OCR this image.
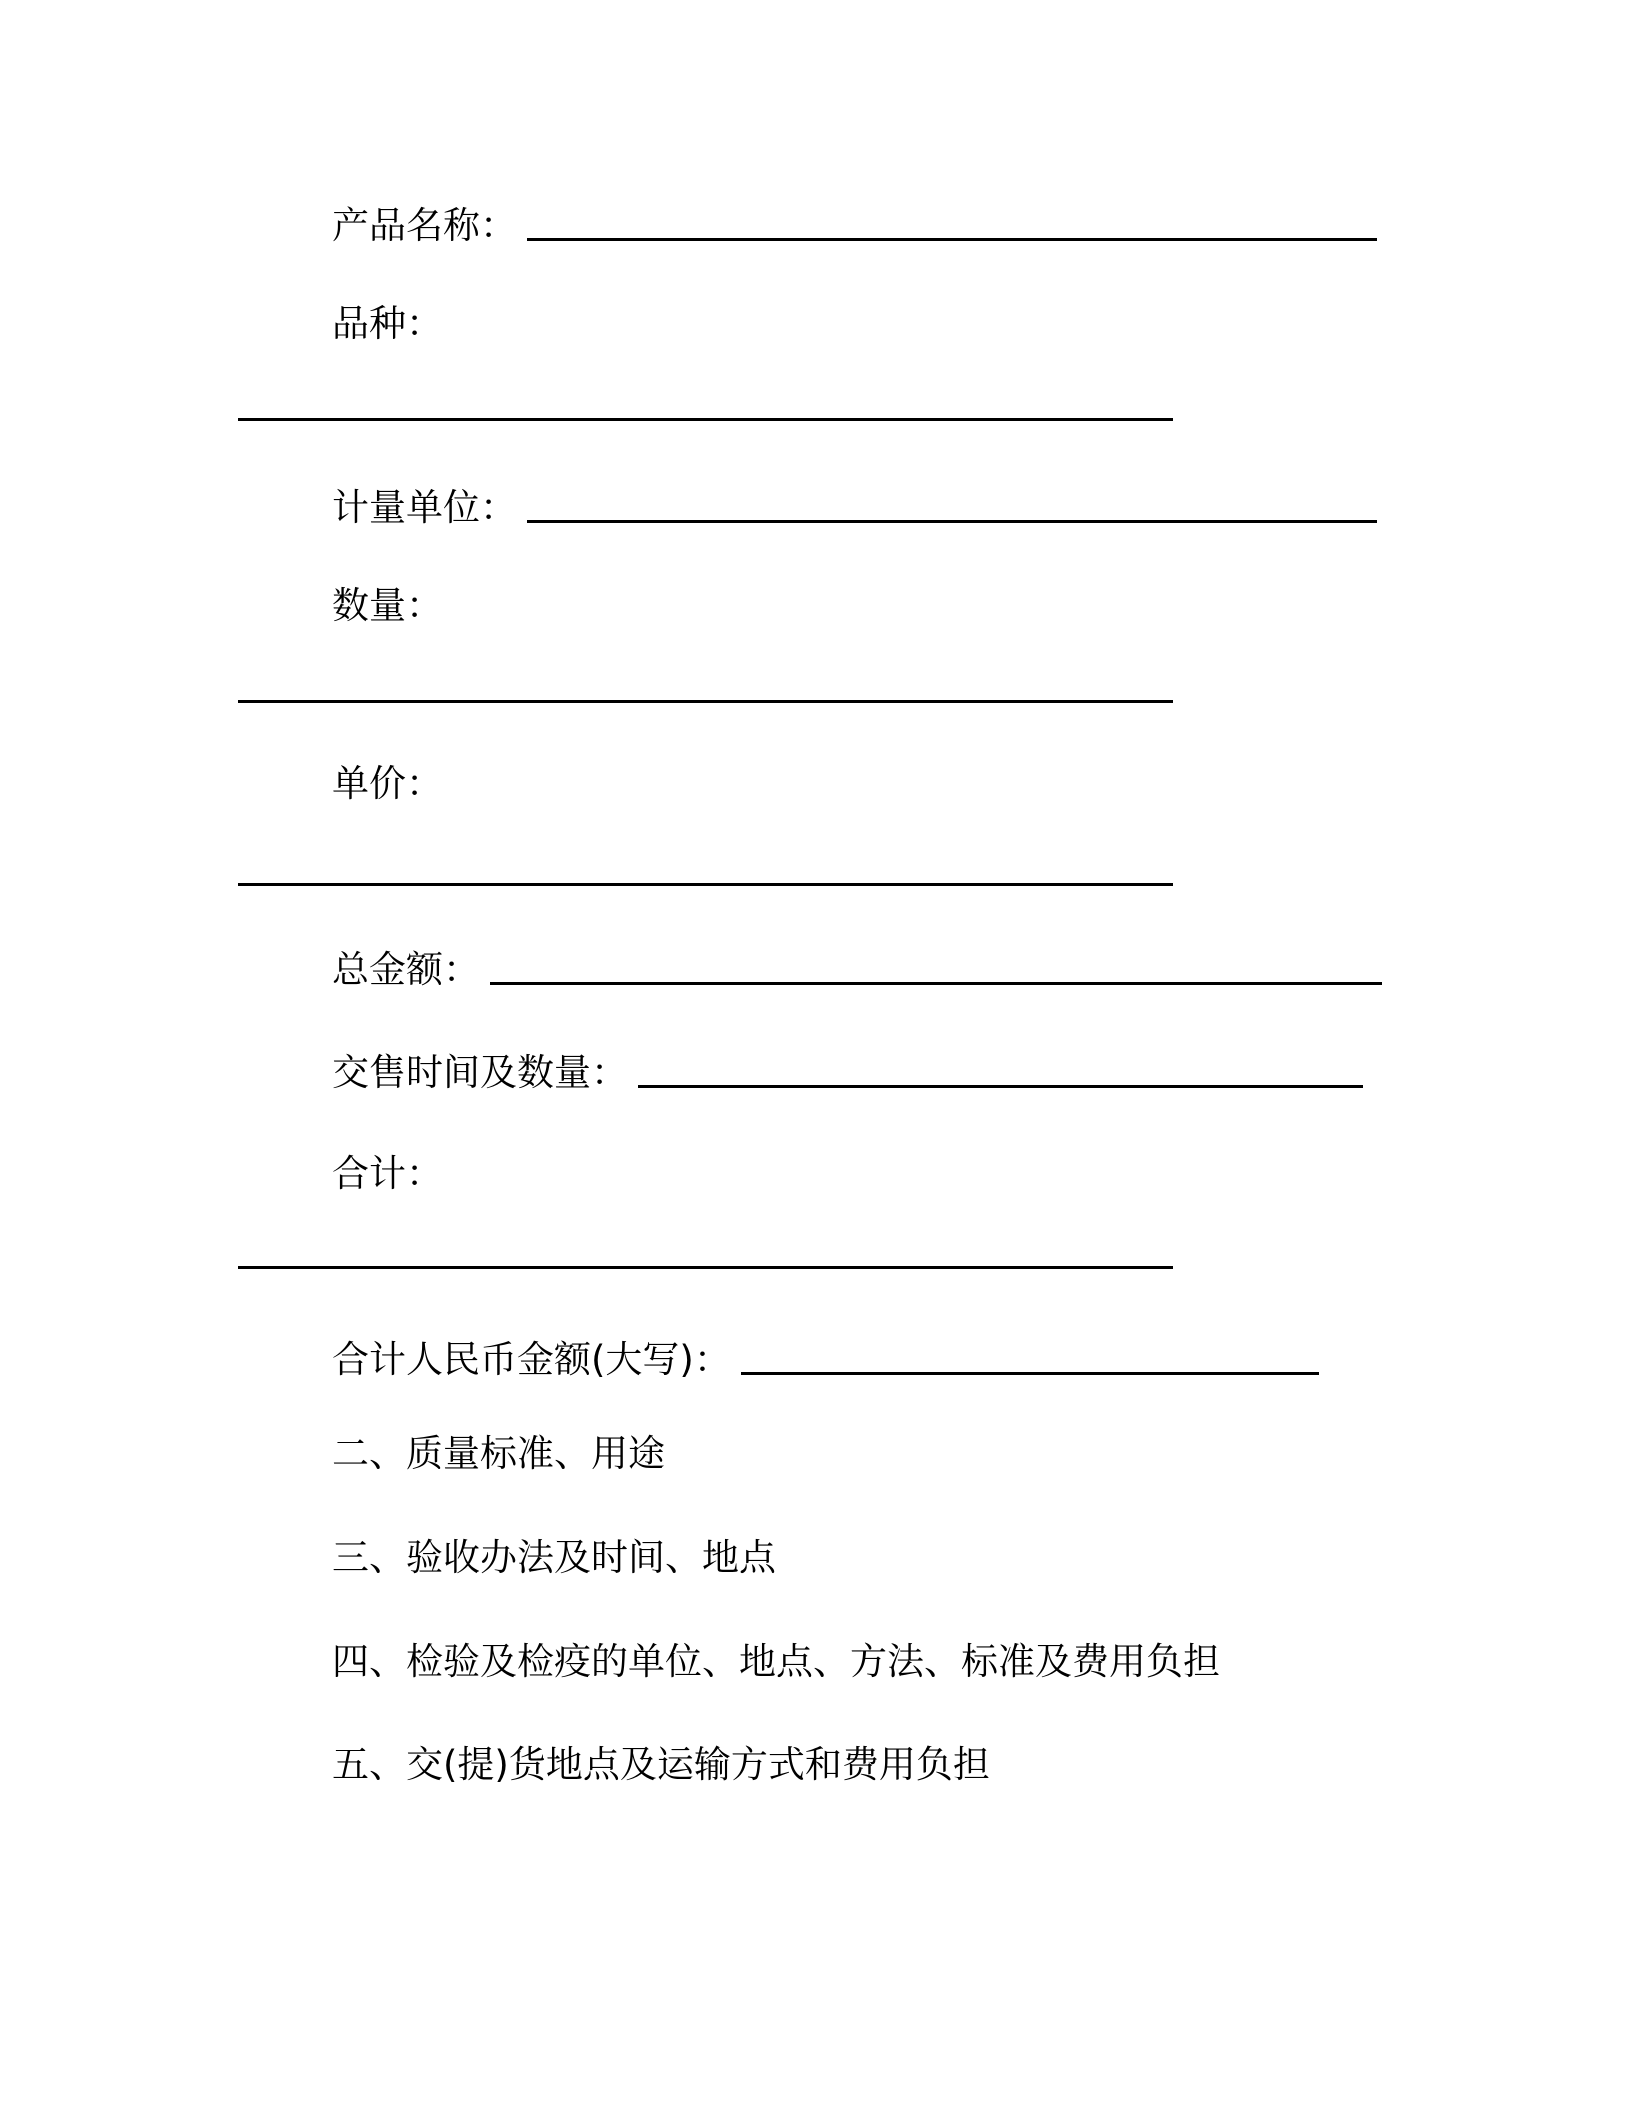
产品名称：
品种：
计量单位：
数量：
单价：
总金额：
交售时间及数量：
合计：
合计人民币金额(大写)：
二、质量标准、用途
三、验收办法及时间、地点
四、检验及检疫的单位、地点、方法、标准及费用负担
五、交(提)货地点及运输方式和费用负担
